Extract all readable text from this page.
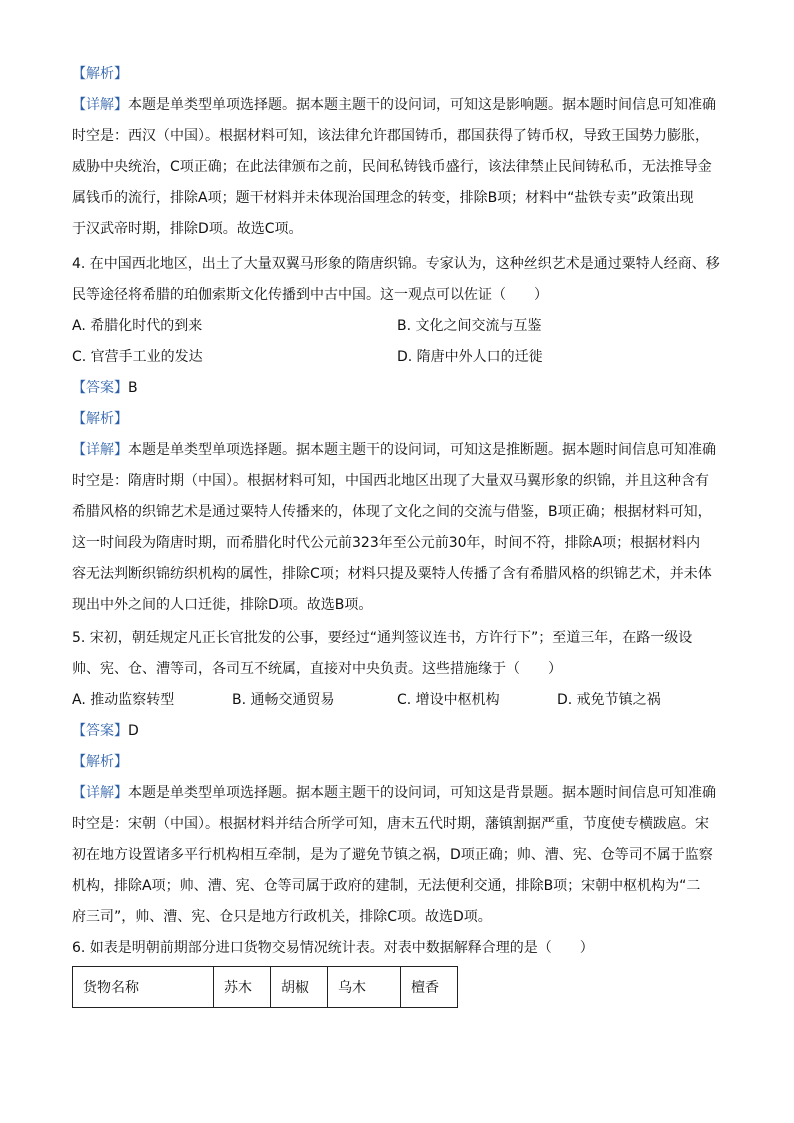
【解析】
【详解】本题是单类型单项选择题。据本题主题干的设问词，可知这是影响题。据本题时间信息可知准确
时空是：西汉（中国）。根据材料可知，该法律允许郡国铸币，郡国获得了铸币权，导致王国势力膨胀，
威胁中央统治，C项正确；在此法律颁布之前，民间私铸钱币盛行，该法律禁止民间铸私币，无法推导金
属钱币的流行，排除A项；题干材料并未体现治国理念的转变，排除B项；材料中“盐铁专卖”政策出现
于汉武帝时期，排除D项。故选C项。
4. 在中国西北地区，出土了大量双翼马形象的隋唐织锦。专家认为，这种丝织艺术是通过粟特人经商、移
民等途径将希腊的珀伽索斯文化传播到中古中国。这一观点可以佐证（　　）
A. 希腊化时代的到来	B. 文化之间交流与互鉴
C. 官营手工业的发达	D. 隋唐中外人口的迁徙
【答案】B
【解析】
【详解】本题是单类型单项选择题。据本题主题干的设问词，可知这是推断题。据本题时间信息可知准确
时空是：隋唐时期（中国）。根据材料可知，中国西北地区出现了大量双马翼形象的织锦，并且这种含有
希腊风格的织锦艺术是通过粟特人传播来的，体现了文化之间的交流与借鉴，B项正确；根据材料可知，
这一时间段为隋唐时期，而希腊化时代公元前323年至公元前30年，时间不符，排除A项；根据材料内
容无法判断织锦纺织机构的属性，排除C项；材料只提及粟特人传播了含有希腊风格的织锦艺术，并未体
现出中外之间的人口迁徙，排除D项。故选B项。
5. 宋初，朝廷规定凡正长官批发的公事，要经过“通判签议连书，方许行下”；至道三年，在路一级设
帅、宪、仓、漕等司，各司互不统属，直接对中央负责。这些措施缘于（　　）
A. 推动监察转型	B. 通畅交通贸易	C. 增设中枢机构	D. 戒免节镇之祸
【答案】D
【解析】
【详解】本题是单类型单项选择题。据本题主题干的设问词，可知这是背景题。据本题时间信息可知准确
时空是：宋朝（中国）。根据材料并结合所学可知，唐末五代时期，藩镇割据严重，节度使专横跋扈。宋
初在地方设置诸多平行机构相互牵制，是为了避免节镇之祸，D项正确；帅、漕、宪、仓等司不属于监察
机构，排除A项；帅、漕、宪、仓等司属于政府的建制，无法便利交通，排除B项；宋朝中枢机构为“二
府三司”，帅、漕、宪、仓只是地方行政机关，排除C项。故选D项。
6. 如表是明朝前期部分进口货物交易情况统计表。对表中数据解释合理的是（　　）
货物名称	苏木	胡椒	乌木	檀香
